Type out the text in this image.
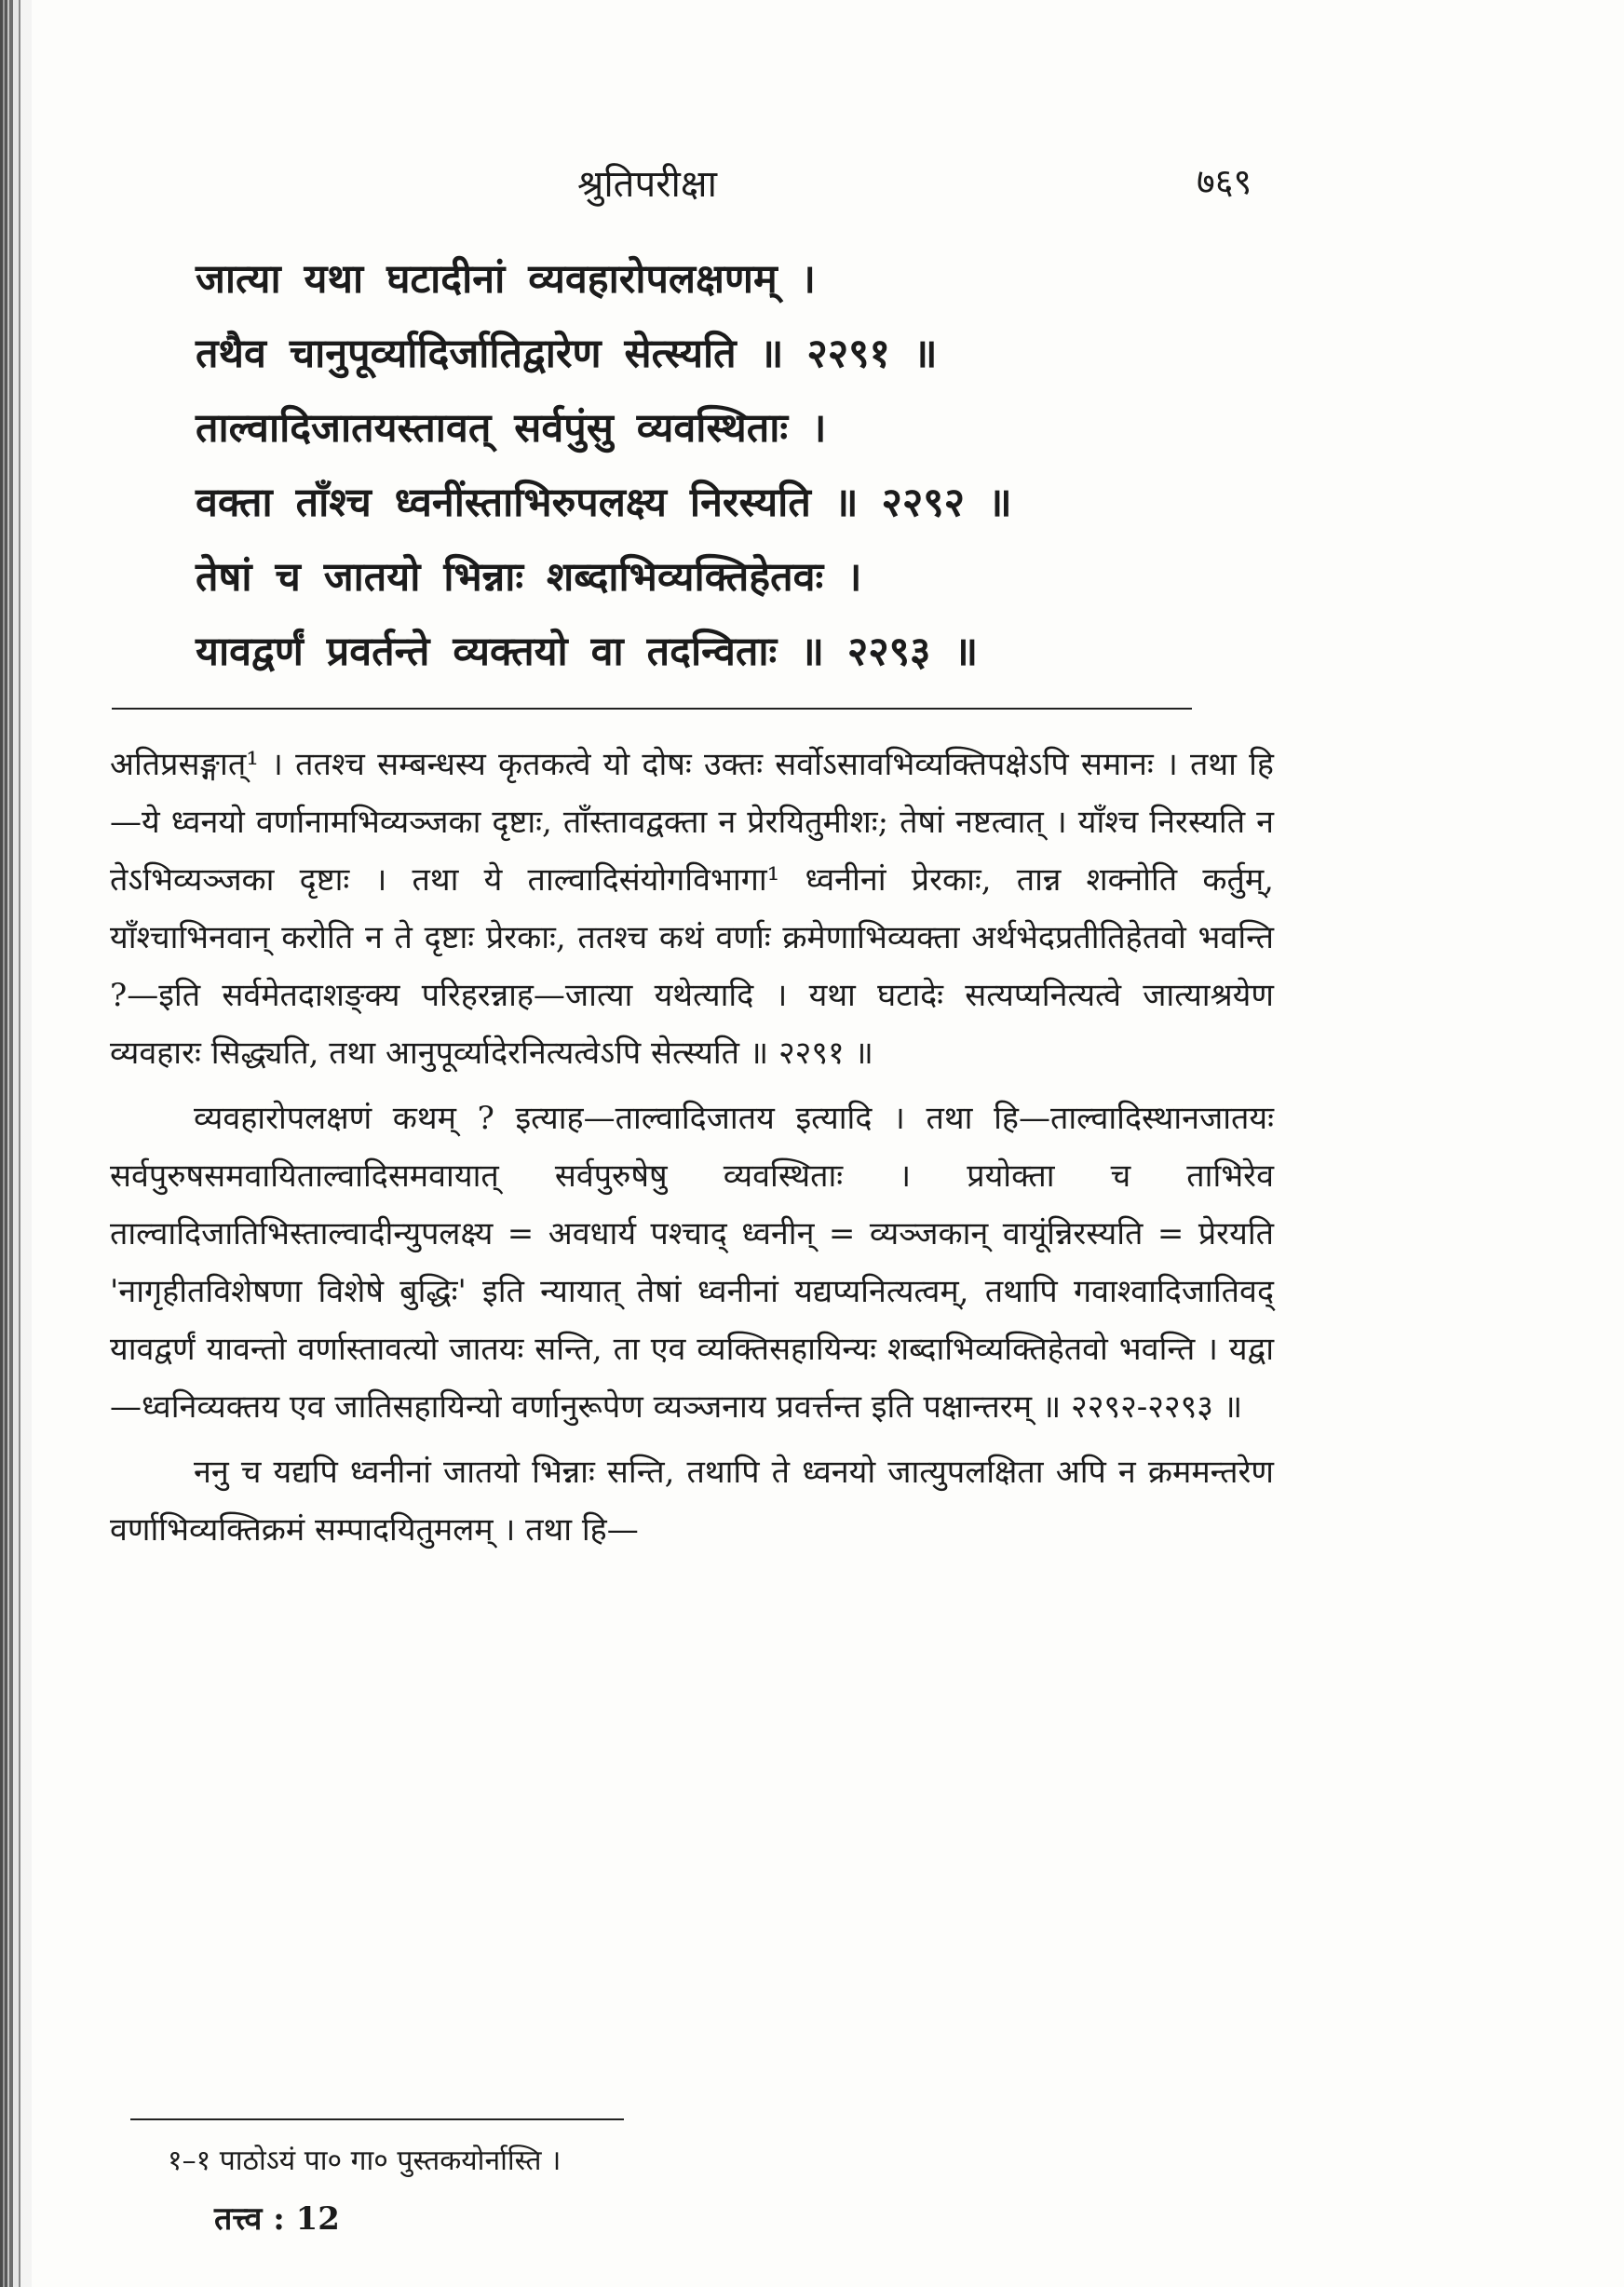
श्रुतिपरीक्षा	७६९
जात्या यथा घटादीनां व्यवहारोपलक्षणम् ।
तथैव चानुपूर्व्यादिर्जातिद्वारेण सेत्स्यति ॥ २२९१ ॥
ताल्वादिजातयस्तावत् सर्वपुंसु व्यवस्थिताः ।
वक्ता ताँश्च ध्वनींस्ताभिरुपलक्ष्य निरस्यति ॥ २२९२ ॥
तेषां च जातयो भिन्नाः शब्दाभिव्यक्तिहेतवः ।
यावद्वर्णं प्रवर्तन्ते व्यक्तयो वा तदन्विताः ॥ २२९३ ॥

अतिप्रसङ्गात्¹ । ततश्च सम्बन्धस्य कृतकत्वे यो दोषः उक्तः सर्वोऽसावभिव्यक्तिपक्षेऽपि समानः । तथा हि—ये ध्वनयो वर्णानामभिव्यञ्जका दृष्टाः, ताँस्तावद्वक्ता न प्रेरयितुमीशः; तेषां नष्टत्वात् । याँश्च निरस्यति न तेऽभिव्यञ्जका दृष्टाः । तथा ये ताल्वादिसंयोगविभागा¹ ध्वनीनां प्रेरकाः, तान्न शक्नोति कर्तुम्, याँश्चाभिनवान् करोति न ते दृष्टाः प्रेरकाः, ततश्च कथं वर्णाः क्रमेणाभिव्यक्ता अर्थभेदप्रतीतिहेतवो भवन्ति ?—इति सर्वमेतदाशङ्क्य परिहरन्नाह—जात्या यथेत्यादि । यथा घटादेः सत्यप्यनित्यत्वे जात्याश्रयेण व्यवहारः सिद्ध्यति, तथा आनुपूर्व्यादेरनित्यत्वेऽपि सेत्स्यति ॥ २२९१ ॥

व्यवहारोपलक्षणं कथम् ? इत्याह—ताल्वादिजातय इत्यादि । तथा हि—ताल्वादिस्थानजातयः सर्वपुरुषसमवायिताल्वादिसमवायात् सर्वपुरुषेषु व्यवस्थिताः । प्रयोक्ता च ताभिरेव ताल्वादिजातिभिस्ताल्वादीन्युपलक्ष्य = अवधार्य पश्चाद् ध्वनीन् = व्यञ्जकान् वायूंन्निरस्यति = प्रेरयति 'नागृहीतविशेषणा विशेषे बुद्धिः' इति न्यायात् तेषां ध्वनीनां यद्यप्यनित्यत्वम्, तथापि गवाश्वादिजातिवद् यावद्वर्णं यावन्तो वर्णास्तावत्यो जातयः सन्ति, ता एव व्यक्तिसहायिन्यः शब्दाभिव्यक्तिहेतवो भवन्ति । यद्वा—ध्वनिव्यक्तय एव जातिसहायिन्यो वर्णानुरूपेण व्यञ्जनाय प्रवर्त्तन्त इति पक्षान्तरम् ॥ २२९२-२२९३ ॥

ननु च यद्यपि ध्वनीनां जातयो भिन्नाः सन्ति, तथापि ते ध्वनयो जात्युपलक्षिता अपि न क्रममन्तरेण वर्णाभिव्यक्तिक्रमं सम्पादयितुमलम् । तथा हि—

१–१ पाठोऽयं पा० गा० पुस्तकयोर्नास्ति ।
तत्त्व : 12
